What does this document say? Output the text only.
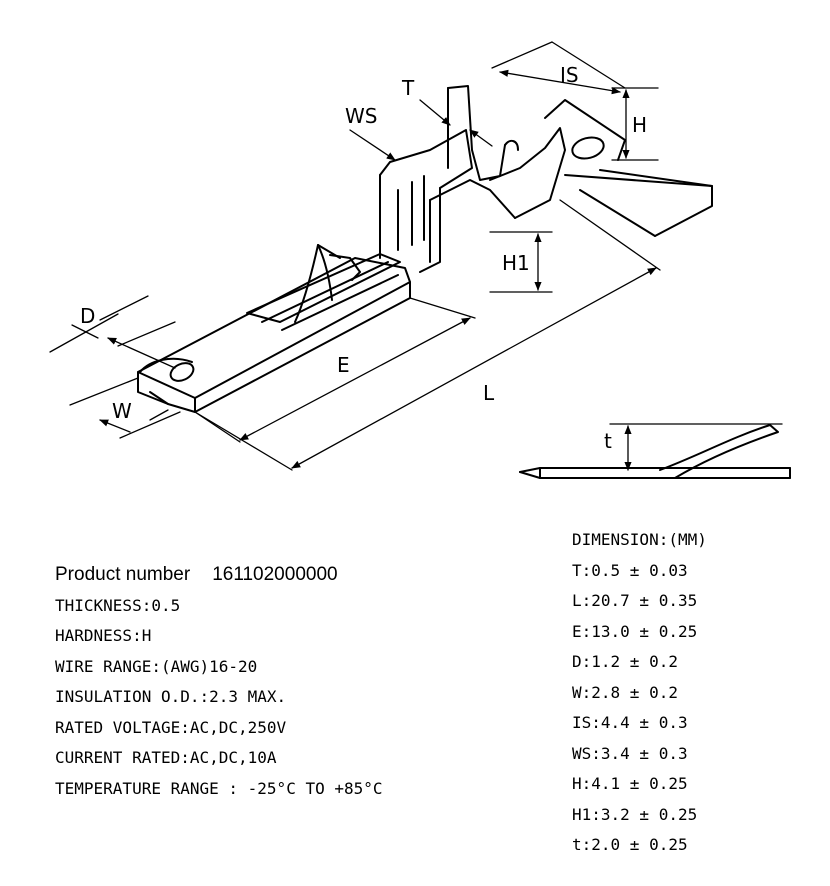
IS
T
H
WS
H1
D
E
L
W
t
Product number 161102000000
THICKNESS:0.5
HARDNESS:H
WIRE RANGE:(AWG)16-20
INSULATION O.D.:2.3 MAX.
RATED VOLTAGE:AC,DC,250V
CURRENT RATED:AC,DC,10A
TEMPERATURE RANGE : -25°C TO +85°C
DIMENSION:(MM)
T:0.5 ± 0.03
L:20.7 ± 0.35
E:13.0 ± 0.25
D:1.2 ± 0.2
W:2.8 ± 0.2
IS:4.4 ± 0.3
WS:3.4 ± 0.3
H:4.1 ± 0.25
H1:3.2 ± 0.25
t:2.0 ± 0.25
